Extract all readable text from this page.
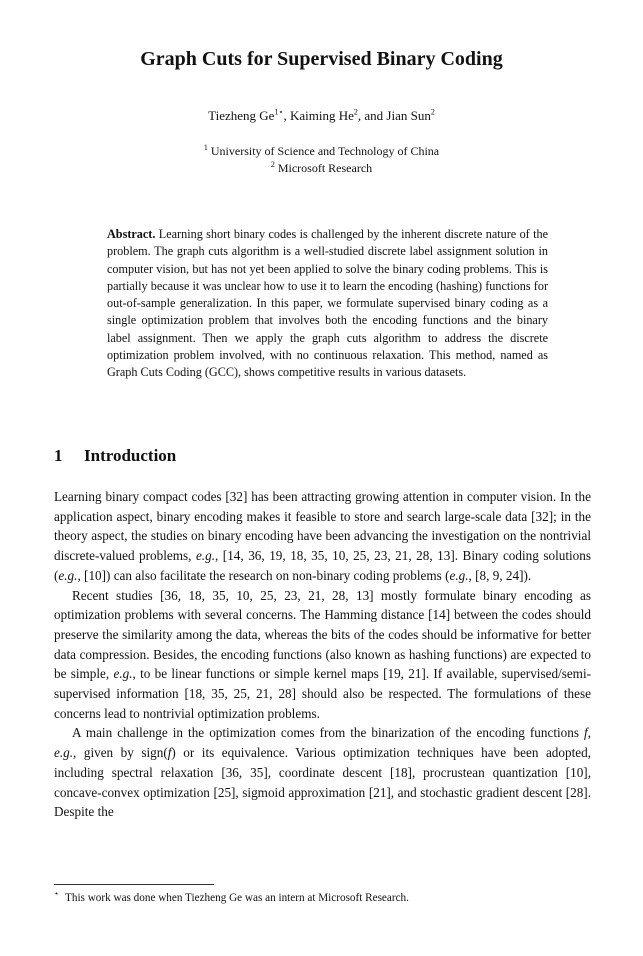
Graph Cuts for Supervised Binary Coding
Tiezheng $Ge^{1⋆}$, Kaiming He$^2$, and Jian Sun$^2$
$^1$ University of Science and Technology of China
$^2$ Microsoft Research
Abstract. Learning short binary codes is challenged by the inherent discrete nature of the problem. The graph cuts algorithm is a well-studied discrete label assignment solution in computer vision, but has not yet been applied to solve the binary coding problems. This is partially because it was unclear how to use it to learn the encoding (hashing) functions for out-of-sample generalization. In this paper, we formulate supervised binary coding as a single optimization problem that involves both the encoding functions and the binary label assignment. Then we apply the graph cuts algorithm to address the discrete optimization problem involved, with no continuous relaxation. This method, named as Graph Cuts Coding (GCC), shows competitive results in various datasets.
1 Introduction

Learning binary compact codes [32] has been attracting growing attention in computer vision. In the application aspect, binary encoding makes it feasible to store and search large-scale data [32]; in the theory aspect, the studies on binary encoding have been advancing the investigation on the nontrivial discrete-valued problems, e.g., [14, 36, 19, 18, 35, 10, 25, 23, 21, 28, 13]. Binary coding solutions (e.g., [10]) can also facilitate the research on non-binary coding problems (e.g., [8, 9, 24]).

Recent studies [36, 18, 35, 10, 25, 23, 21, 28, 13] mostly formulate binary encoding as optimization problems with several concerns. The Hamming distance [14] between the codes should preserve the similarity among the data, whereas the bits of the codes should be informative for better data compression. Besides, the encoding functions (also known as hashing functions) are expected to be simple, e.g., to be linear functions or simple kernel maps [19, 21]. If available, supervised/semi-supervised information [18, 35, 25, 21, 28] should also be respected. The formulations of these concerns lead to nontrivial optimization problems.

A main challenge in the optimization comes from the binarization of the encoding functions f, e.g., given by sign(f) or its equivalence. Various optimization techniques have been adopted, including spectral relaxation [36, 35], coordinate descent [18], procrustean quantization [10], concave-convex optimization [25], sigmoid approximation [21], and stochastic gradient descent [28]. Despite the

⋆ This work was done when Tiezheng Ge was an intern at Microsoft Research.
